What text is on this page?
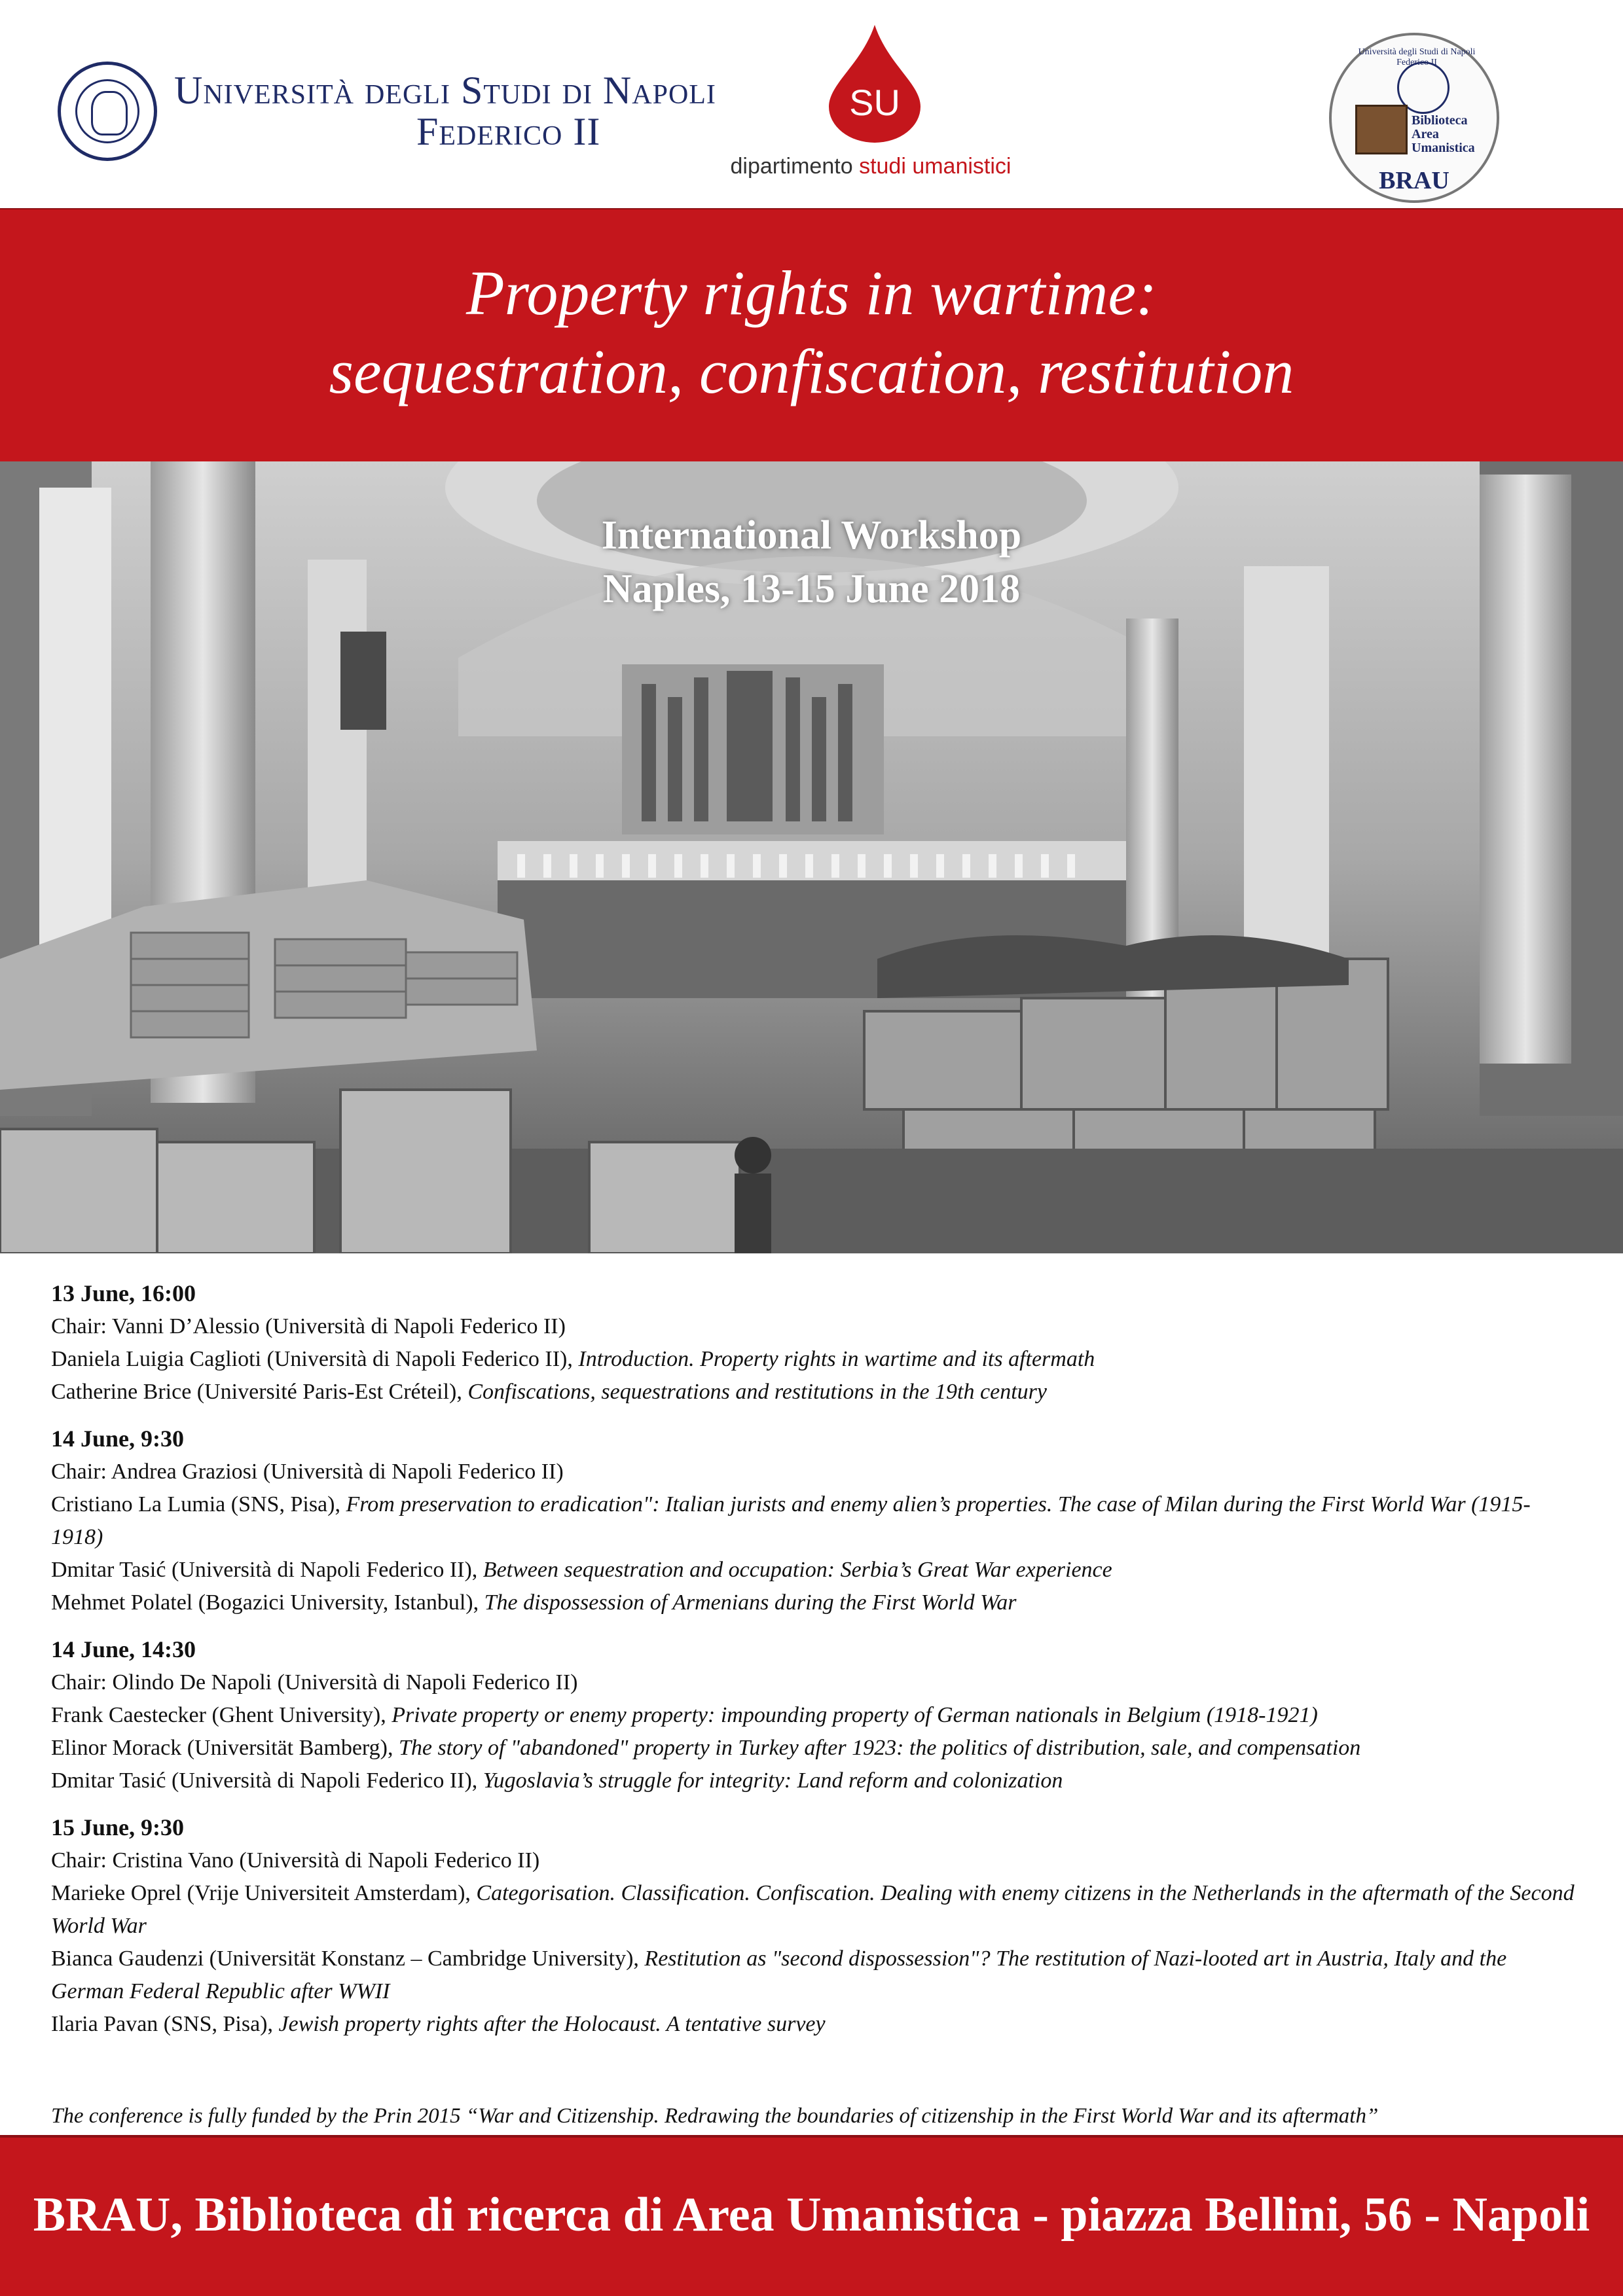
Università degli Studi di Napoli
Federico II
SU
dipartimento studi umanistici
Università degli Studi di Napoli Federico II
Biblioteca
Area
Umanistica
BRAU
Property rights in wartime:
sequestration, confiscation, restitution
International Workshop
Naples, 13-15 June 2018
13 June, 16:00

Chair: Vanni D’Alessio (Università di Napoli Federico II)

Daniela Luigia Caglioti (Università di Napoli Federico II), Introduction. Property rights in wartime and its aftermath

Catherine Brice (Université Paris-Est Créteil), Confiscations, sequestrations and restitutions in the 19th century

14 June, 9:30

Chair: Andrea Graziosi (Università di Napoli Federico II)

Cristiano La Lumia (SNS, Pisa), From preservation to eradication": Italian jurists and enemy alien’s properties. The case of Milan during the First World War (1915-1918)

Dmitar Tasić (Università di Napoli Federico II), Between sequestration and occupation: Serbia’s Great War experience

Mehmet Polatel (Bogazici University, Istanbul), The dispossession of Armenians during the First World War

14 June, 14:30

Chair: Olindo De Napoli (Università di Napoli Federico II)

Frank Caestecker (Ghent University), Private property or enemy property: impounding property of German nationals in Belgium (1918-1921)

Elinor Morack (Universität Bamberg), The story of "abandoned" property in Turkey after 1923: the politics of distribution, sale, and compensation

Dmitar Tasić (Università di Napoli Federico II), Yugoslavia’s struggle for integrity: Land reform and colonization

15 June, 9:30

Chair: Cristina Vano (Università di Napoli Federico II)

Marieke Oprel (Vrije Universiteit Amsterdam), Categorisation. Classification. Confiscation. Dealing with enemy citizens in the Netherlands in the aftermath of the Second World War

Bianca Gaudenzi (Universität Konstanz – Cambridge University), Restitution as "second dispossession"? The restitution of Nazi-looted art in Austria, Italy and the German Federal Republic after WWII

Ilaria Pavan (SNS, Pisa), Jewish property rights after the Holocaust. A tentative survey

The conference is fully funded by the Prin 2015 “War and Citizenship. Redrawing the boundaries of citizenship in the First World War and its aftermath”
BRAU, Biblioteca di ricerca di Area Umanistica - piazza Bellini, 56 - Napoli
